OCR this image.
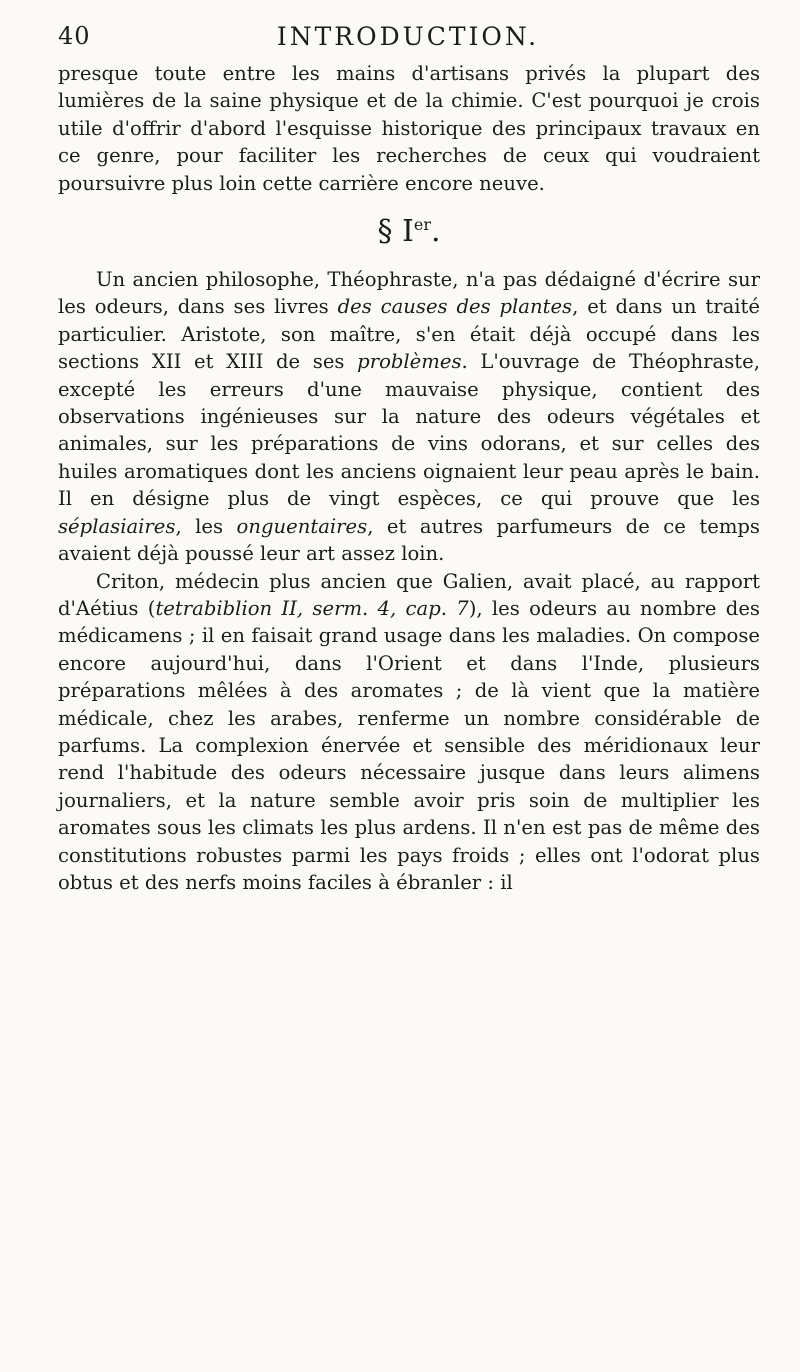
40	INTRODUCTION.

presque toute entre les mains d'artisans privés la plupart des lumières de la saine physique et de la chimie. C'est pourquoi je crois utile d'offrir d'abord l'esquisse historique des principaux travaux en ce genre, pour faciliter les recherches de ceux qui voudraient poursuivre plus loin cette carrière encore neuve.

§ Ier.

Un ancien philosophe, Théophraste, n'a pas dédaigné d'écrire sur les odeurs, dans ses livres des causes des plantes, et dans un traité particulier. Aristote, son maître, s'en était déjà occupé dans les sections XII et XIII de ses problèmes. L'ouvrage de Théophraste, excepté les erreurs d'une mauvaise physique, contient des observations ingénieuses sur la nature des odeurs végétales et animales, sur les préparations de vins odorans, et sur celles des huiles aromatiques dont les anciens oignaient leur peau après le bain. Il en désigne plus de vingt espèces, ce qui prouve que les séplasiaires, les onguentaires, et autres parfumeurs de ce temps avaient déjà poussé leur art assez loin.

Criton, médecin plus ancien que Galien, avait placé, au rapport d'Aétius (tetrabiblion II, serm. 4, cap. 7), les odeurs au nombre des médicamens ; il en faisait grand usage dans les maladies. On compose encore aujourd'hui, dans l'Orient et dans l'Inde, plusieurs préparations mêlées à des aromates ; de là vient que la matière médicale, chez les arabes, renferme un nombre considérable de parfums. La complexion énervée et sensible des méridionaux leur rend l'habitude des odeurs nécessaire jusque dans leurs alimens journaliers, et la nature semble avoir pris soin de multiplier les aromates sous les climats les plus ardens. Il n'en est pas de même des constitutions robustes parmi les pays froids ; elles ont l'odorat plus obtus et des nerfs moins faciles à ébranler : il
